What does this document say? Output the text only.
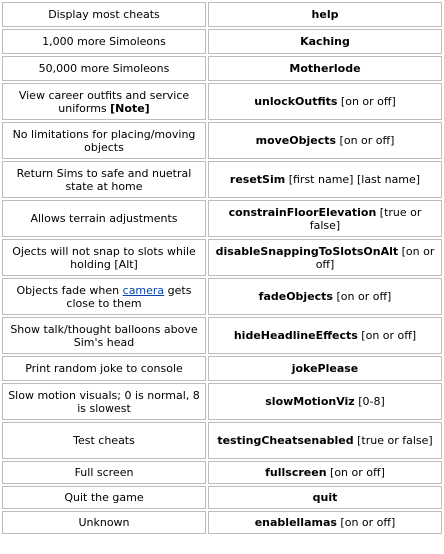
Display most cheats	help
1,000 more Simoleons	Kaching
50,000 more Simoleons	Motherlode
View career outfits and service uniforms [Note]	unlockOutfits [on or off]
No limitations for placing/moving objects	moveObjects [on or off]
Return Sims to safe and nuetral state at home	resetSim [first name] [last name]
Allows terrain adjustments	constrainFloorElevation [true or false]
Ojects will not snap to slots while holding [Alt]	disableSnappingToSlotsOnAlt [on or off]
Objects fade when camera gets close to them	fadeObjects [on or off]
Show talk/thought balloons above Sim's head	hideHeadlineEffects [on or off]
Print random joke to console	jokePlease
Slow motion visuals; 0 is normal, 8 is slowest	slowMotionViz [0-8]
Test cheats	testingCheatsenabled [true or false]
Full screen	fullscreen [on or off]
Quit the game	quit
Unknown	enablellamas [on or off]
